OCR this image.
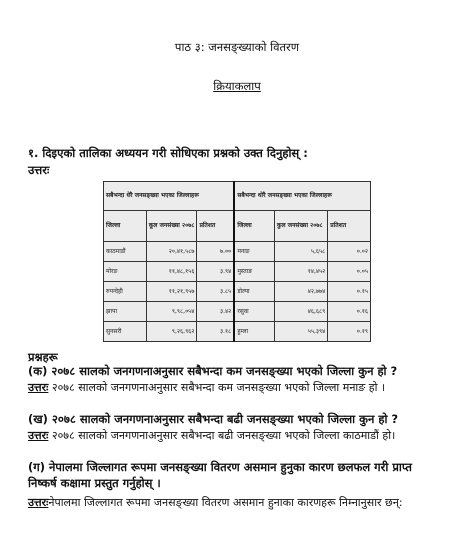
पाठ ३: जनसङ्ख्याको वितरण
क्रियाकलाप
१. दिइएको तालिका अध्ययन गरी सोधिएका प्रश्नको उक्त दिनुहोस् :
उत्तरः
सबैभन्दा धेरै जनसङ्ख्या भएका जिल्लाहरू			सबैभन्दा थोरै जनसङ्ख्या भएका जिल्लाहरू		
जिल्ला	कूल जनसंख्या २०७८	प्रतिशत	जिल्ला	कुल जनसंख्या २०७८	प्रतिशत
काठमाडौं	२०,४१,५८७	७.००	मनाङ	५,६५८	०.०२
मोरङ	११,४८,१५६	३.९४	मुस्ताङ	१४,४५२	०.०५
रुपन्देही	११,२१,९५७	३.८५	डोल्पा	४२,७७४	०.१५
झापा	९,९८,०५४	३.४२	रसुवा	४६,६८९	०.१६
सुनसरी	९,२६,९६२	३.१८	हुम्ला	५५,३९४	०.१९
प्रश्नहरू
(क) २०७८ सालको जनगणनाअनुसार सबैभन्दा कम जनसङ्ख्या भएको जिल्ला कुन हो ?
उत्तरः २०७८ सालको जनगणनाअनुसार सबैभन्दा कम जनसङ्ख्या भएको जिल्ला मनाङ हो ।
(ख) २०७८ सालको जनगणनाअनुसार सबैभन्दा बढी जनसङ्ख्या भएको जिल्ला कुन हो ?
उत्तरः २०७८ सालको जनगणनाअनुसार सबैभन्दा बढी जनसङ्ख्या भएको जिल्ला काठमाडौं हो।
(ग) नेपालमा जिल्लागत रूपमा जनसङ्ख्या वितरण असमान हुनुका कारण छलफल गरी प्राप्त
निष्कर्ष कक्षामा प्रस्तुत गर्नुहोस् ।
उत्तरःनेपालमा जिल्लागत रूपमा जनसङ्ख्या वितरण असमान हुनाका कारणहरू निम्नानुसार छन्:
